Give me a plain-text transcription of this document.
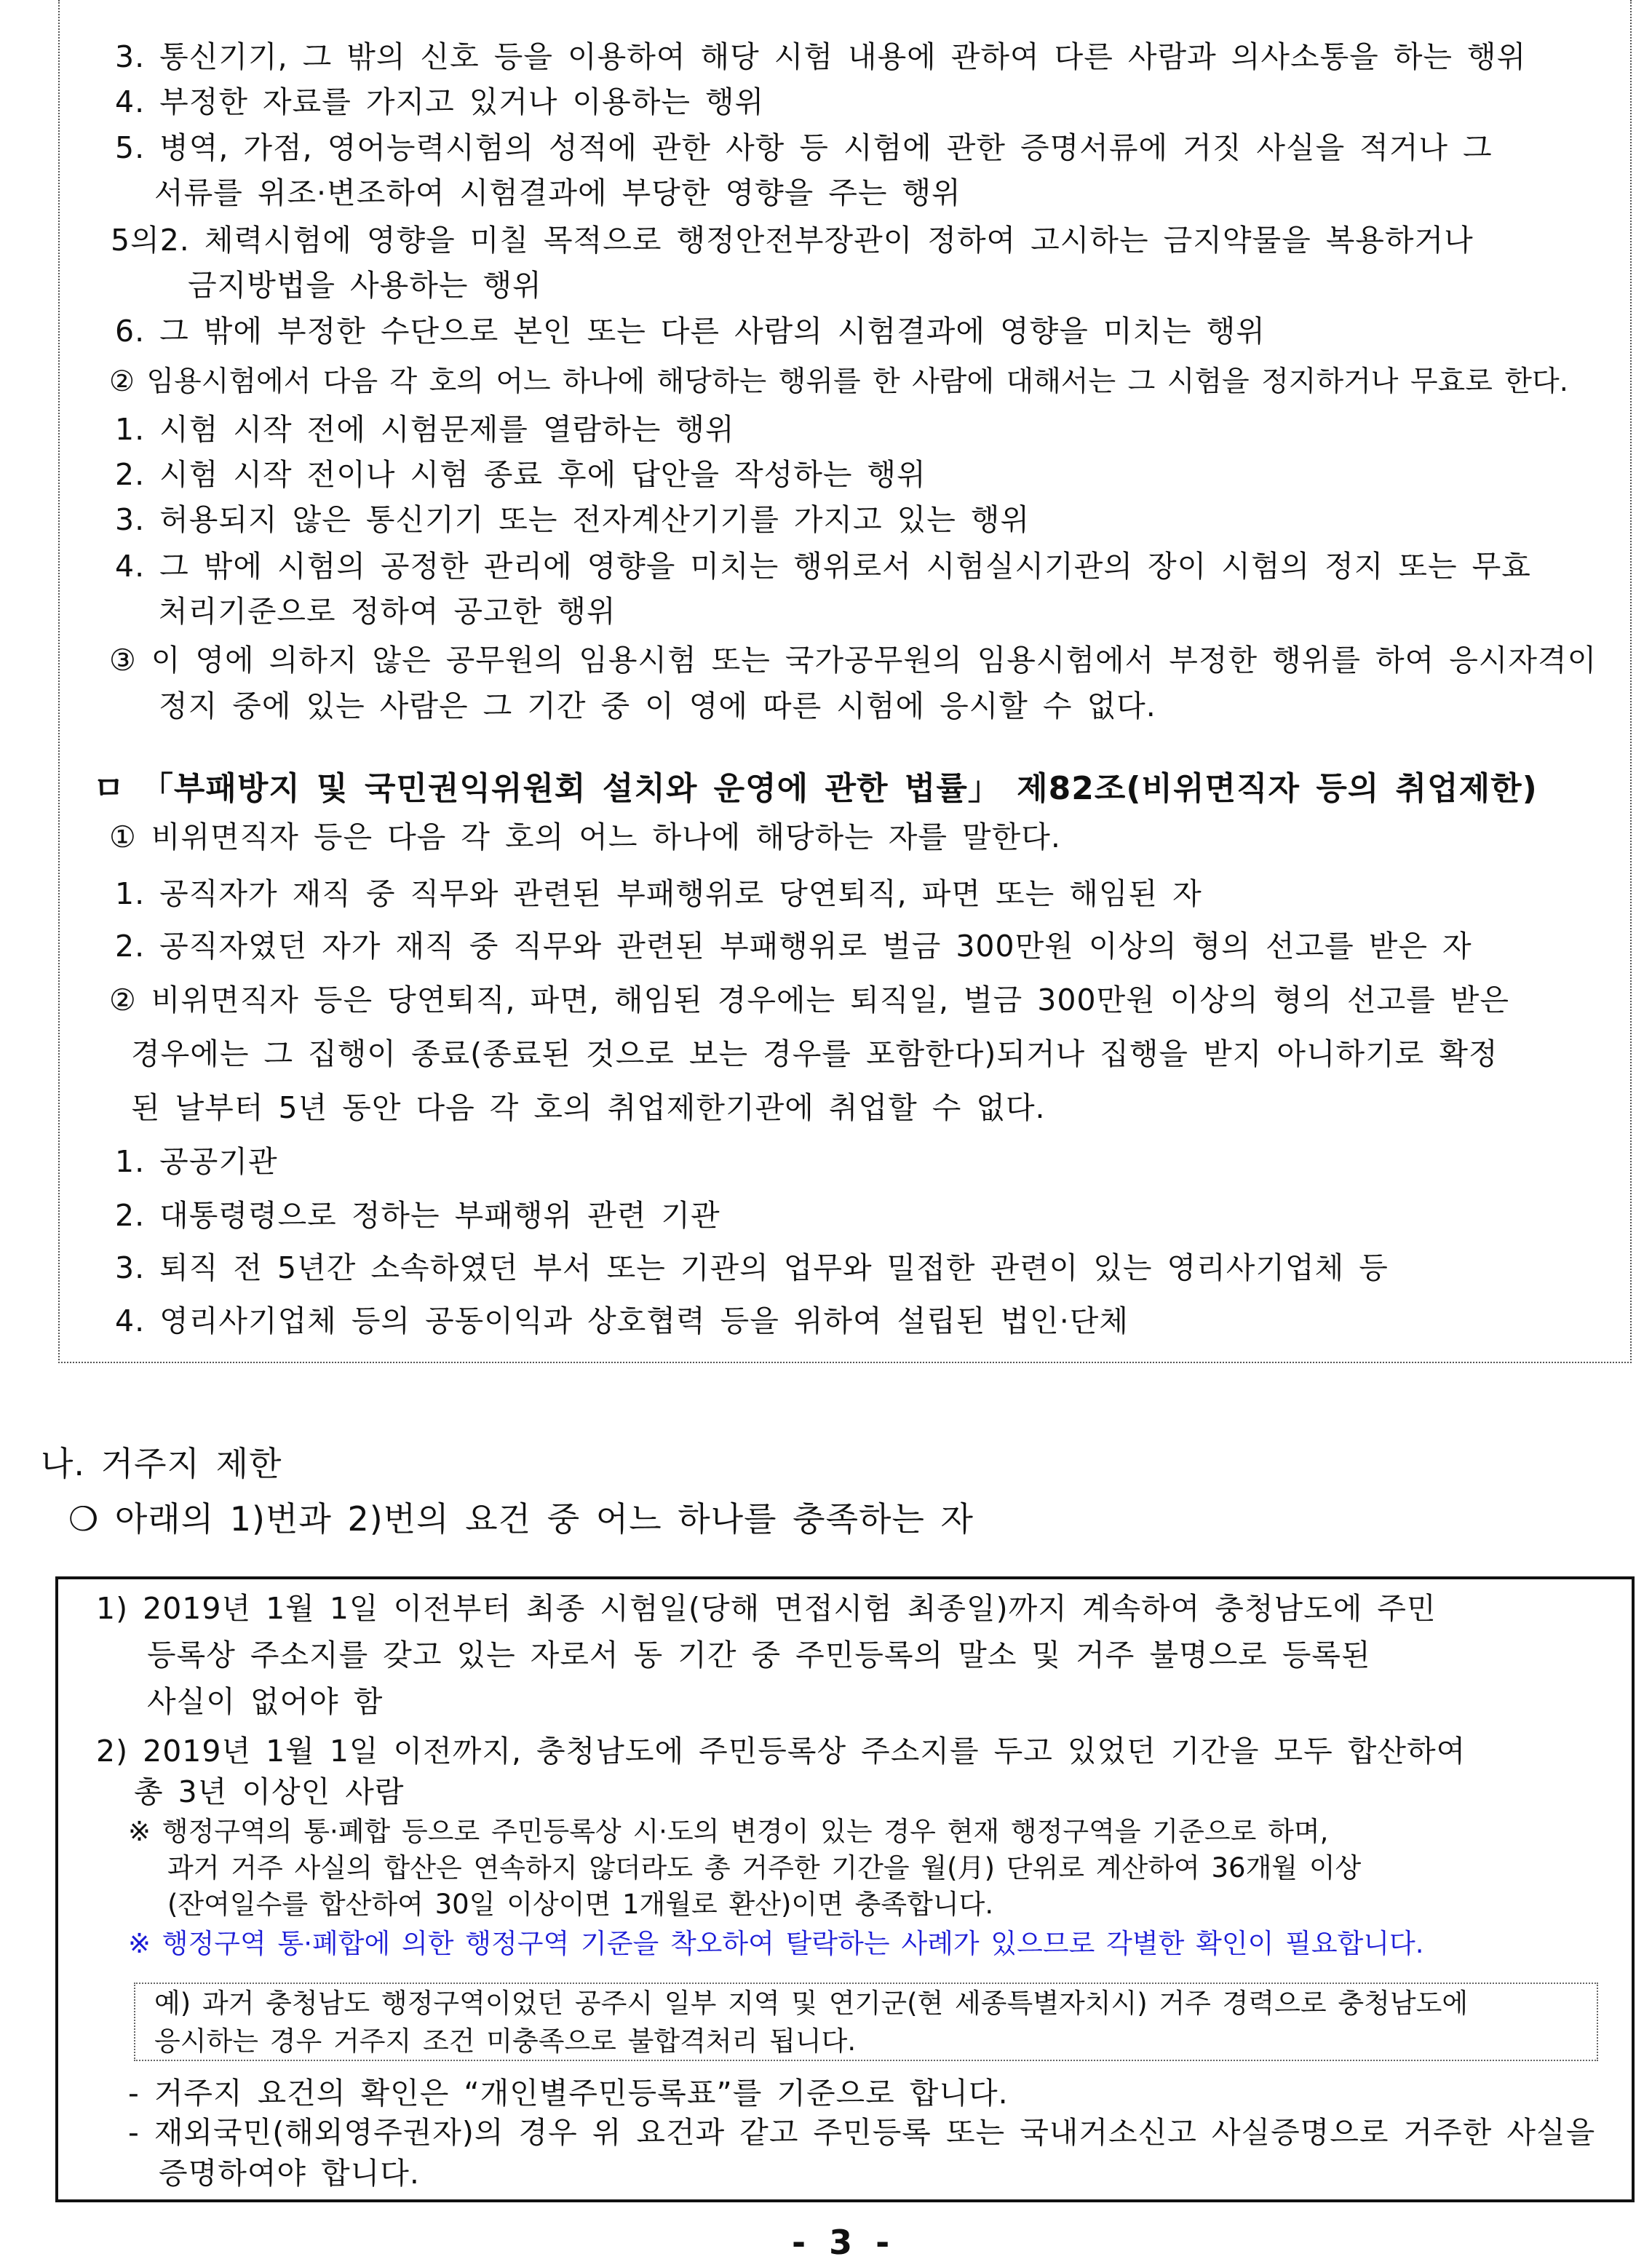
3. 통신기기, 그 밖의 신호 등을 이용하여 해당 시험 내용에 관하여 다른 사람과 의사소통을 하는 행위
4. 부정한 자료를 가지고 있거나 이용하는 행위
5. 병역, 가점, 영어능력시험의 성적에 관한 사항 등 시험에 관한 증명서류에 거짓 사실을 적거나 그
서류를 위조·변조하여 시험결과에 부당한 영향을 주는 행위
5의2. 체력시험에 영향을 미칠 목적으로 행정안전부장관이 정하여 고시하는 금지약물을 복용하거나
금지방법을 사용하는 행위
6. 그 밖에 부정한 수단으로 본인 또는 다른 사람의 시험결과에 영향을 미치는 행위
② 임용시험에서 다음 각 호의 어느 하나에 해당하는 행위를 한 사람에 대해서는 그 시험을 정지하거나 무효로 한다.
1. 시험 시작 전에 시험문제를 열람하는 행위
2. 시험 시작 전이나 시험 종료 후에 답안을 작성하는 행위
3. 허용되지 않은 통신기기 또는 전자계산기기를 가지고 있는 행위
4. 그 밖에 시험의 공정한 관리에 영향을 미치는 행위로서 시험실시기관의 장이 시험의 정지 또는 무효
처리기준으로 정하여 공고한 행위
③ 이 영에 의하지 않은 공무원의 임용시험 또는 국가공무원의 임용시험에서 부정한 행위를 하여 응시자격이
정지 중에 있는 사람은 그 기간 중 이 영에 따른 시험에 응시할 수 없다.
ㅁ 「부패방지 및 국민권익위원회 설치와 운영에 관한 법률」 제82조(비위면직자 등의 취업제한)
① 비위면직자 등은 다음 각 호의 어느 하나에 해당하는 자를 말한다.
1. 공직자가 재직 중 직무와 관련된 부패행위로 당연퇴직, 파면 또는 해임된 자
2. 공직자였던 자가 재직 중 직무와 관련된 부패행위로 벌금 300만원 이상의 형의 선고를 받은 자
② 비위면직자 등은 당연퇴직, 파면, 해임된 경우에는 퇴직일, 벌금 300만원 이상의 형의 선고를 받은
경우에는 그 집행이 종료(종료된 것으로 보는 경우를 포함한다)되거나 집행을 받지 아니하기로 확정
된 날부터 5년 동안 다음 각 호의 취업제한기관에 취업할 수 없다.
1. 공공기관
2. 대통령령으로 정하는 부패행위 관련 기관
3. 퇴직 전 5년간 소속하였던 부서 또는 기관의 업무와 밀접한 관련이 있는 영리사기업체 등
4. 영리사기업체 등의 공동이익과 상호협력 등을 위하여 설립된 법인·단체
나. 거주지 제한
❍ 아래의 1)번과 2)번의 요건 중 어느 하나를 충족하는 자
1) 2019년 1월 1일 이전부터 최종 시험일(당해 면접시험 최종일)까지 계속하여 충청남도에 주민
등록상 주소지를 갖고 있는 자로서 동 기간 중 주민등록의 말소 및 거주 불명으로 등록된
사실이 없어야 함
2) 2019년 1월 1일 이전까지, 충청남도에 주민등록상 주소지를 두고 있었던 기간을 모두 합산하여
총 3년 이상인 사람
※ 행정구역의 통·폐합 등으로 주민등록상 시·도의 변경이 있는 경우 현재 행정구역을 기준으로 하며,
과거 거주 사실의 합산은 연속하지 않더라도 총 거주한 기간을 월(月) 단위로 계산하여 36개월 이상
(잔여일수를 합산하여 30일 이상이면 1개월로 환산)이면 충족합니다.
※ 행정구역 통·폐합에 의한 행정구역 기준을 착오하여 탈락하는 사례가 있으므로 각별한 확인이 필요합니다.
예) 과거 충청남도 행정구역이었던 공주시 일부 지역 및 연기군(현 세종특별자치시) 거주 경력으로 충청남도에
응시하는 경우 거주지 조건 미충족으로 불합격처리 됩니다.
- 거주지 요건의 확인은 “개인별주민등록표”를 기준으로 합니다.
- 재외국민(해외영주권자)의 경우 위 요건과 같고 주민등록 또는 국내거소신고 사실증명으로 거주한 사실을
증명하여야 합니다.
- 3 -
